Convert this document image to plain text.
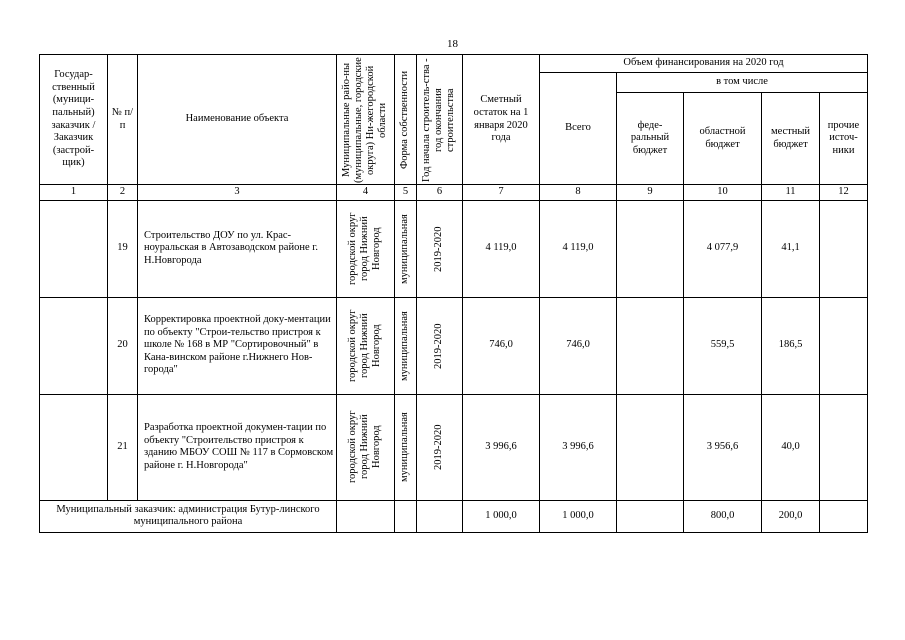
18
Государ-ственный (муници-пальный) заказчик / Заказчик (застрой-щик)	№ п/п	Наименование объекта	Муниципальные райо-ны (муниципальные, городские округа) Ни-жегородской области	Форма собственности	Год начала строитель-ства - год окончания строительства	Сметный остаток на 1 января 2020 года	Объем финансирования на 2020 год				
							Всего	в том числе			
								феде-ральный бюджет	областной бюджет	местный бюджет	прочие источ-ники
1	2	3	4	5	6	7	8	9	10	11	12
	19	Строительство ДОУ по ул. Крас-ноуральская в Автозаводском районе г. Н.Новгорода	городской округ город Нижний Новгород	муниципальная	2019-2020	4 119,0	4 119,0		4 077,9	41,1	
	20	Корректировка проектной доку-ментации по объекту "Строи-тельство пристроя к школе № 168 в МР "Сортировочный" в Кана-винском районе г.Нижнего Нов-города"	городской округ город Нижний Новгород	муниципальная	2019-2020	746,0	746,0		559,5	186,5	
	21	Разработка проектной докумен-тации по объекту "Строительство пристроя к зданию МБОУ СОШ № 117 в Сормовском районе г. Н.Новгорода"	городской округ город Нижний Новгород	муниципальная	2019-2020	3 996,6	3 996,6		3 956,6	40,0	
Муниципальный заказчик: администрация Бутур-линского муниципального района						1 000,0	1 000,0		800,0	200,0	
